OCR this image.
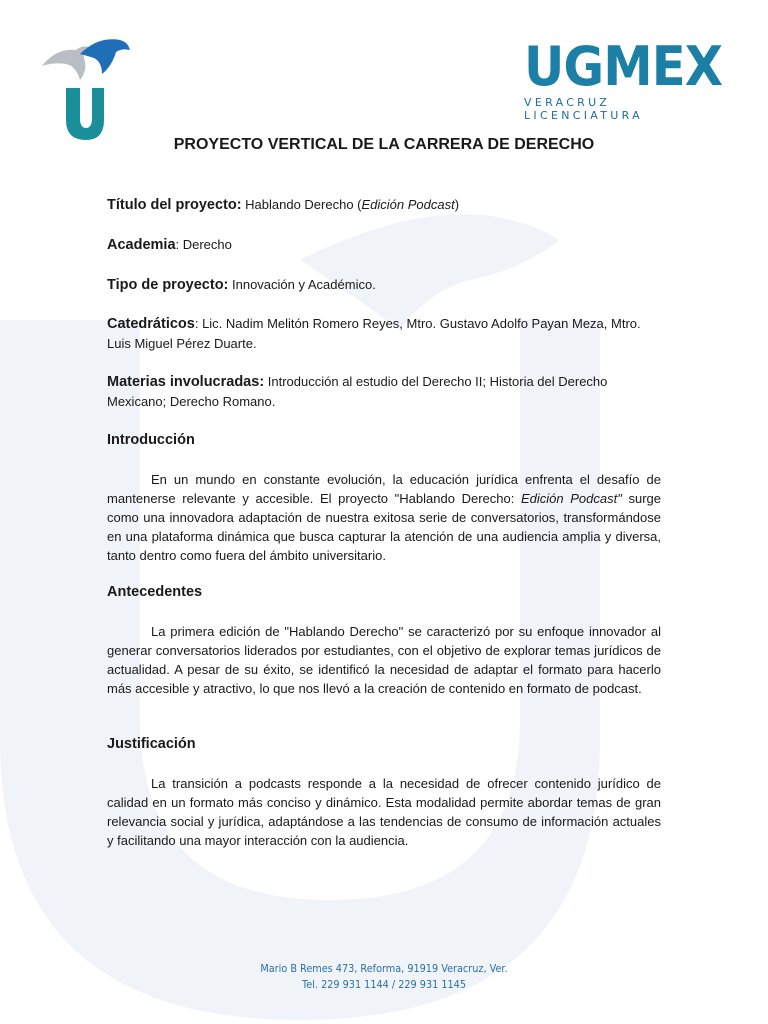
UGMEX
VERACRUZ LICENCIATURA
PROYECTO VERTICAL DE LA CARRERA DE DERECHO

Título del proyecto: Hablando Derecho (Edición Podcast)

Academia: Derecho

Tipo de proyecto: Innovación y Académico.

Catedráticos: Lic. Nadim Melitón Romero Reyes, Mtro. Gustavo Adolfo Payan Meza, Mtro. Luis Miguel Pérez Duarte.

Materias involucradas: Introducción al estudio del Derecho II; Historia del Derecho Mexicano; Derecho Romano.

Introducción

En un mundo en constante evolución, la educación jurídica enfrenta el desafío de mantenerse relevante y accesible. El proyecto "Hablando Derecho: Edición Podcast" surge como una innovadora adaptación de nuestra exitosa serie de conversatorios, transformándose en una plataforma dinámica que busca capturar la atención de una audiencia amplia y diversa, tanto dentro como fuera del ámbito universitario.

Antecedentes

La primera edición de "Hablando Derecho" se caracterizó por su enfoque innovador al generar conversatorios liderados por estudiantes, con el objetivo de explorar temas jurídicos de actualidad. A pesar de su éxito, se identificó la necesidad de adaptar el formato para hacerlo más accesible y atractivo, lo que nos llevó a la creación de contenido en formato de podcast.

Justificación

La transición a podcasts responde a la necesidad de ofrecer contenido jurídico de calidad en un formato más conciso y dinámico. Esta modalidad permite abordar temas de gran relevancia social y jurídica, adaptándose a las tendencias de consumo de información actuales y facilitando una mayor interacción con la audiencia.

Mario B Remes 473, Reforma, 91919 Veracruz, Ver.
Tel. 229 931 1144 / 229 931 1145
